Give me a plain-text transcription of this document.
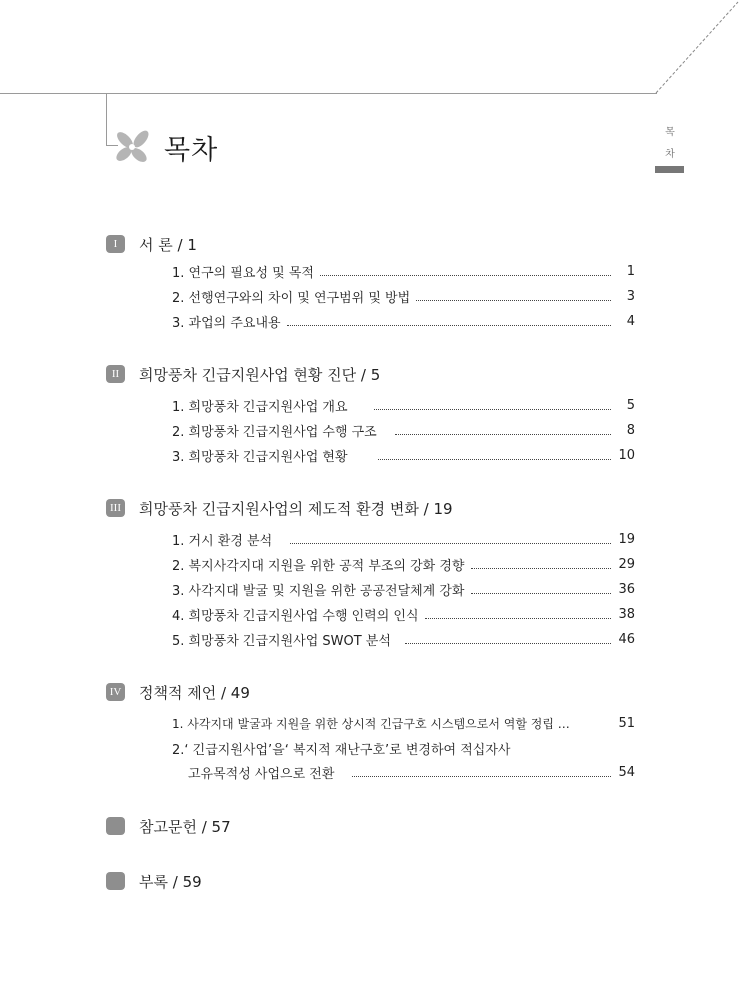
목차
목
차
I	서 론 / 1
1. 연구의 필요성 및 목적	1
2. 선행연구와의 차이 및 연구범위 및 방법	3
3. 과업의 주요내용	4
II	희망풍차 긴급지원사업 현황 진단 / 5
1. 희망풍차 긴급지원사업 개요	5
2. 희망풍차 긴급지원사업 수행 구조	8
3. 희망풍차 긴급지원사업 현황	10
III 희망풍차 긴급지원사업의 제도적 환경 변화 / 19
1. 거시 환경 분석	19
2. 복지사각지대 지원을 위한 공적 부조의 강화 경향	29
3. 사각지대 발굴 및 지원을 위한 공공전달체계 강화	36
4. 희망풍차 긴급지원사업 수행 인력의 인식	38
5. 희망풍차 긴급지원사업 SWOT 분석	46
IV 정책적 제언 / 49
1. 사각지대 발굴과 지원을 위한 상시적 긴급구호 시스템으로서 역할 정립 …	51
2.‘ 긴급지원사업’을‘ 복지적 재난구호’로 변경하여 적십자사
고유목적성 사업으로 전환	54
참고문헌 / 57
부록 / 59
